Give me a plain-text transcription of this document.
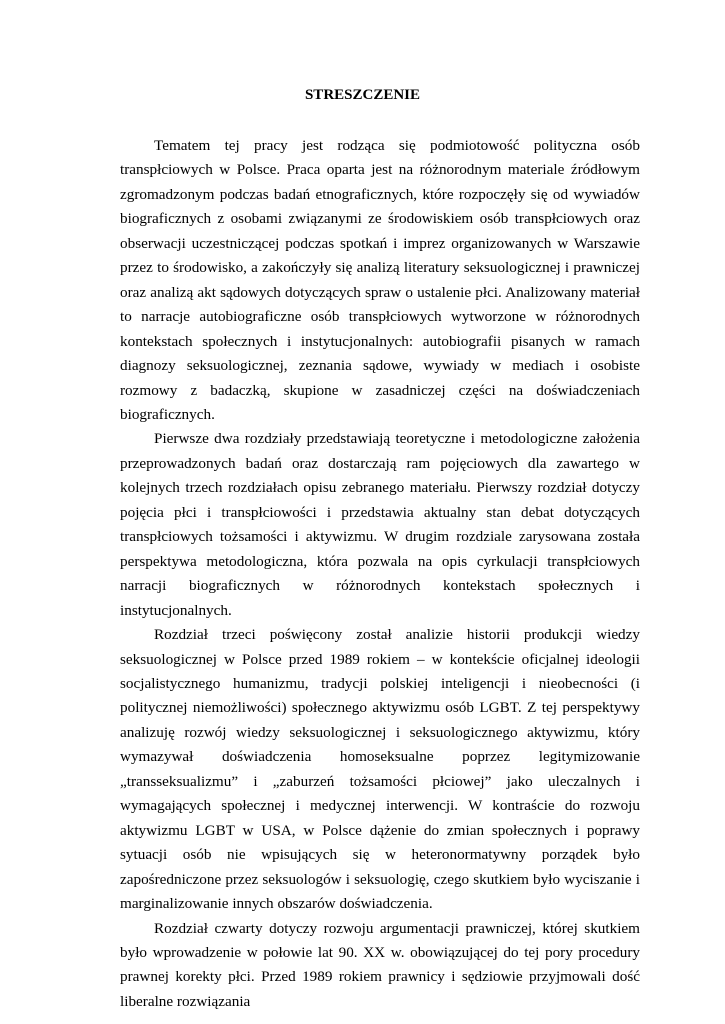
STRESZCZENIE

Tematem tej pracy jest rodząca się podmiotowość polityczna osób transpłciowych w Polsce. Praca oparta jest na różnorodnym materiale źródłowym zgromadzonym podczas badań etnograficznych, które rozpoczęły się od wywiadów biograficznych z osobami związanymi ze środowiskiem osób transpłciowych oraz obserwacji uczestniczącej podczas spotkań i imprez organizowanych w Warszawie przez to środowisko, a zakończyły się analizą literatury seksuologicznej i prawniczej oraz analizą akt sądowych dotyczących spraw o ustalenie płci. Analizowany materiał to narracje autobiograficzne osób transpłciowych wytworzone w różnorodnych kontekstach społecznych i instytucjonalnych: autobiografii pisanych w ramach diagnozy seksuologicznej, zeznania sądowe, wywiady w mediach i osobiste rozmowy z badaczką, skupione w zasadniczej części na doświadczeniach biograficznych.

Pierwsze dwa rozdziały przedstawiają teoretyczne i metodologiczne założenia przeprowadzonych badań oraz dostarczają ram pojęciowych dla zawartego w kolejnych trzech rozdziałach opisu zebranego materiału. Pierwszy rozdział dotyczy pojęcia płci i transpłciowości i przedstawia aktualny stan debat dotyczących transpłciowych tożsamości i aktywizmu. W drugim rozdziale zarysowana została perspektywa metodologiczna, która pozwala na opis cyrkulacji transpłciowych narracji biograficznych w różnorodnych kontekstach społecznych i instytucjonalnych.

Rozdział trzeci poświęcony został analizie historii produkcji wiedzy seksuologicznej w Polsce przed 1989 rokiem – w kontekście oficjalnej ideologii socjalistycznego humanizmu, tradycji polskiej inteligencji i nieobecności (i politycznej niemożliwości) społecznego aktywizmu osób LGBT. Z tej perspektywy analizuję rozwój wiedzy seksuologicznej i seksuologicznego aktywizmu, który wymazywał doświadczenia homoseksualne poprzez legitymizowanie „transseksualizmu” i „zaburzeń tożsamości płciowej” jako uleczalnych i wymagających społecznej i medycznej interwencji. W kontraście do rozwoju aktywizmu LGBT w USA, w Polsce dążenie do zmian społecznych i poprawy sytuacji osób nie wpisujących się w heteronormatywny porządek było zapośredniczone przez seksuologów i seksuologię, czego skutkiem było wyciszanie i marginalizowanie innych obszarów doświadczenia.

Rozdział czwarty dotyczy rozwoju argumentacji prawniczej, której skutkiem było wprowadzenie w połowie lat 90. XX w. obowiązującej do tej pory procedury prawnej korekty płci. Przed 1989 rokiem prawnicy i sędziowie przyjmowali dość liberalne rozwiązania
